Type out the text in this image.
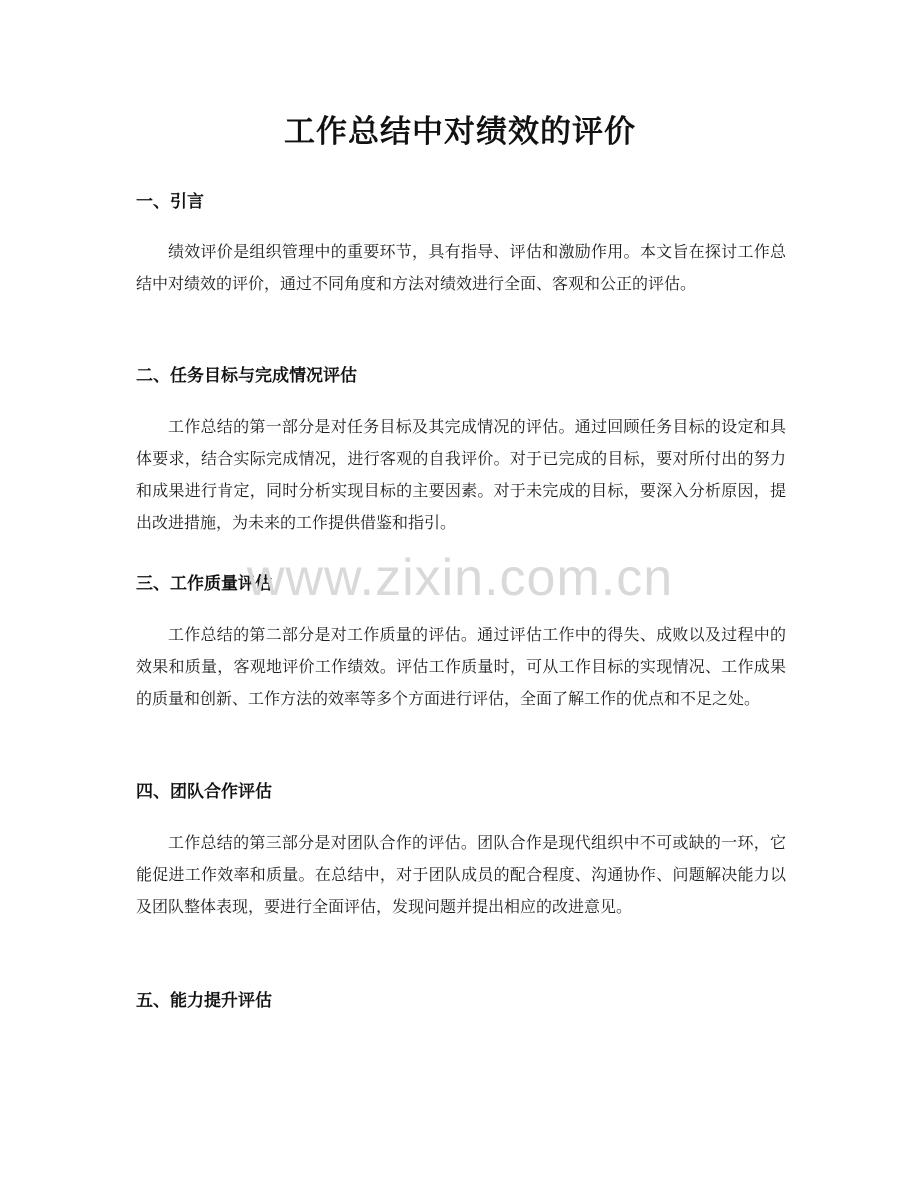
工作总结中对绩效的评价

一、引言

绩效评价是组织管理中的重要环节，具有指导、评估和激励作用。本文旨在探讨工作总结中对绩效的评价，通过不同角度和方法对绩效进行全面、客观和公正的评估。

二、任务目标与完成情况评估

工作总结的第一部分是对任务目标及其完成情况的评估。通过回顾任务目标的设定和具体要求，结合实际完成情况，进行客观的自我评价。对于已完成的目标，要对所付出的努力和成果进行肯定，同时分析实现目标的主要因素。对于未完成的目标，要深入分析原因，提出改进措施，为未来的工作提供借鉴和指引。

三、工作质量评估

工作总结的第二部分是对工作质量的评估。通过评估工作中的得失、成败以及过程中的效果和质量，客观地评价工作绩效。评估工作质量时，可从工作目标的实现情况、工作成果的质量和创新、工作方法的效率等多个方面进行评估，全面了解工作的优点和不足之处。

四、团队合作评估

工作总结的第三部分是对团队合作的评估。团队合作是现代组织中不可或缺的一环，它能促进工作效率和质量。在总结中，对于团队成员的配合程度、沟通协作、问题解决能力以及团队整体表现，要进行全面评估，发现问题并提出相应的改进意见。

五、能力提升评估

www.zixin.com.cn
